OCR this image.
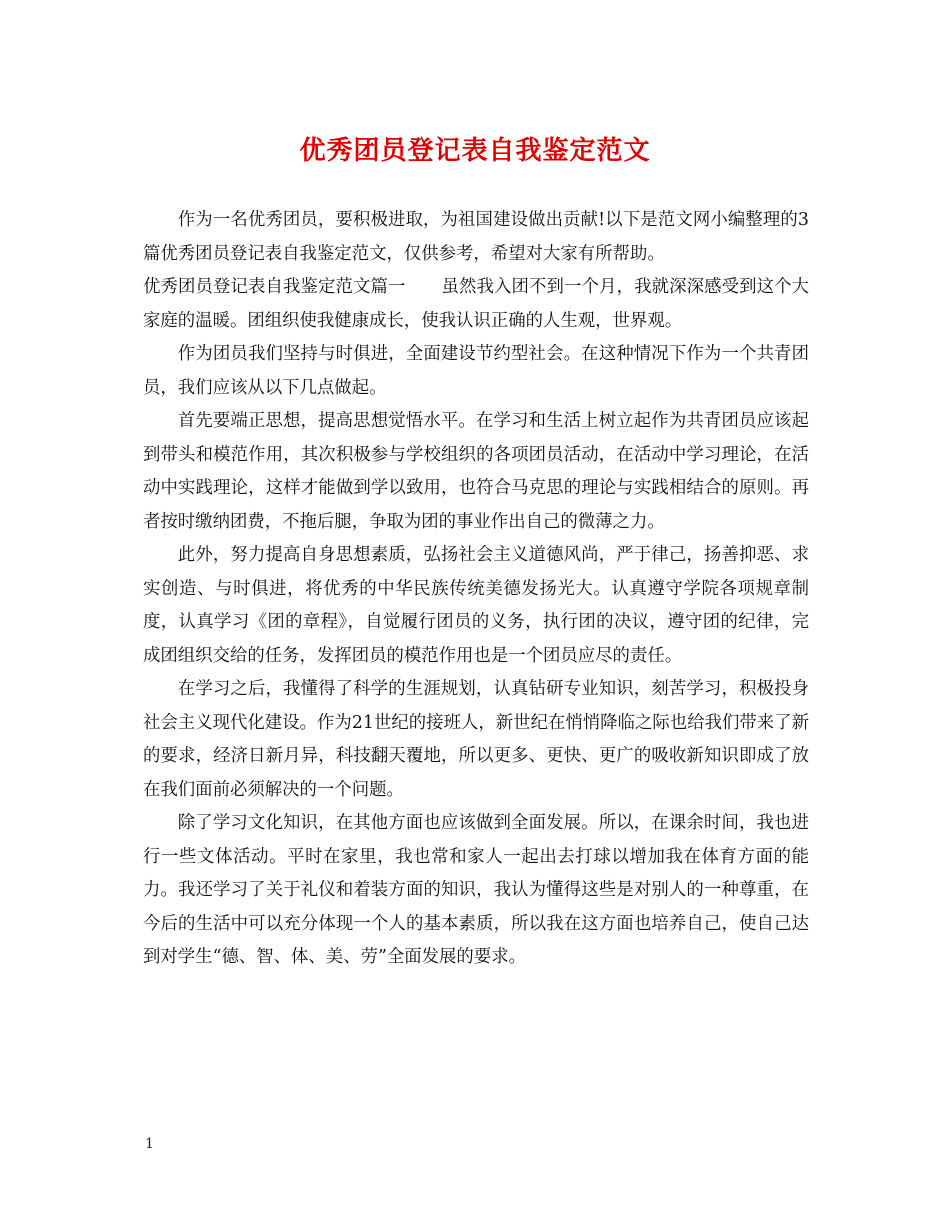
优秀团员登记表自我鉴定范文

作为一名优秀团员，要积极进取，为祖国建设做出贡献!以下是范文网小编整理的3篇优秀团员登记表自我鉴定范文，仅供参考，希望对大家有所帮助。

优秀团员登记表自我鉴定范文篇一 虽然我入团不到一个月，我就深深感受到这个大家庭的温暖。团组织使我健康成长，使我认识正确的人生观，世界观。

作为团员我们坚持与时俱进，全面建设节约型社会。在这种情况下作为一个共青团员，我们应该从以下几点做起。

首先要端正思想，提高思想觉悟水平。在学习和生活上树立起作为共青团员应该起到带头和模范作用，其次积极参与学校组织的各项团员活动，在活动中学习理论，在活动中实践理论，这样才能做到学以致用，也符合马克思的理论与实践相结合的原则。再者按时缴纳团费，不拖后腿，争取为团的事业作出自己的微薄之力。

此外，努力提高自身思想素质，弘扬社会主义道德风尚，严于律己，扬善抑恶、求实创造、与时俱进，将优秀的中华民族传统美德发扬光大。认真遵守学院各项规章制度，认真学习《团的章程》，自觉履行团员的义务，执行团的决议，遵守团的纪律，完成团组织交给的任务，发挥团员的模范作用也是一个团员应尽的责任。

在学习之后，我懂得了科学的生涯规划，认真钻研专业知识，刻苦学习，积极投身社会主义现代化建设。作为21世纪的接班人，新世纪在悄悄降临之际也给我们带来了新的要求，经济日新月异，科技翻天覆地，所以更多、更快、更广的吸收新知识即成了放在我们面前必须解决的一个问题。

除了学习文化知识，在其他方面也应该做到全面发展。所以，在课余时间，我也进行一些文体活动。平时在家里，我也常和家人一起出去打球以增加我在体育方面的能力。我还学习了关于礼仪和着装方面的知识，我认为懂得这些是对别人的一种尊重，在今后的生活中可以充分体现一个人的基本素质，所以我在这方面也培养自己，使自己达到对学生“德、智、体、美、劳”全面发展的要求。

1
